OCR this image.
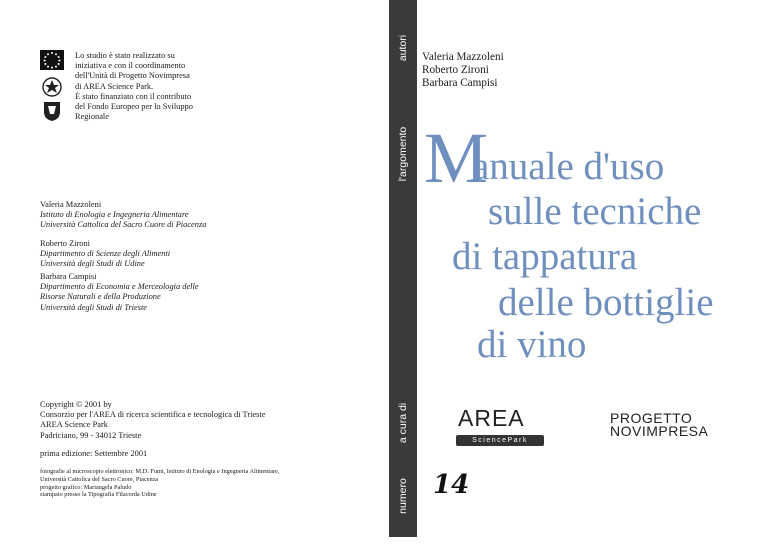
Lo studio è stato realizzato su
iniziativa e con il coordinamento
dell'Unità di Progetto Novimpresa
di AREA Science Park.
È stato finanziato con il contributo
del Fondo Europeo per lo Sviluppo
Regionale
Valeria Mazzoleni
Istituto di Enologia e Ingegneria Alimentare
Università Cattolica del Sacro Cuore di Piacenza
Roberto Zironi
Dipartimento di Scienze degli Alimenti
Università degli Studi di Udine
Barbara Campisi
Dipartimento di Economia e Merceologia delle
Risorse Naturali e della Produzione
Università degli Studi di Trieste
Copyright © 2001 by
Consorzio per l'AREA di ricerca scientifica e tecnologica di Trieste
AREA Science Park
Padriciano, 99 - 34012 Trieste
prima edizione: Settembre 2001
fotografie al microscopio elettronico: M.D. Fumi, Istituto di Enologia e Ingegneria Alimentare,
Università Cattolica del Sacro Cuore, Piacenza
progetto grafico: Mariangela Paludo
stampato presso la Tipografia Filacorda Udine
autori
l'argomento
a cura di
numero
Valeria Mazzoleni
Roberto Zironi
Barbara Campisi
M
anuale d'uso
sulle tecniche
di tappatura
delle bottiglie
di vino
AREA
SciencePark
PROGETTO
NOVIMPRESA
14
